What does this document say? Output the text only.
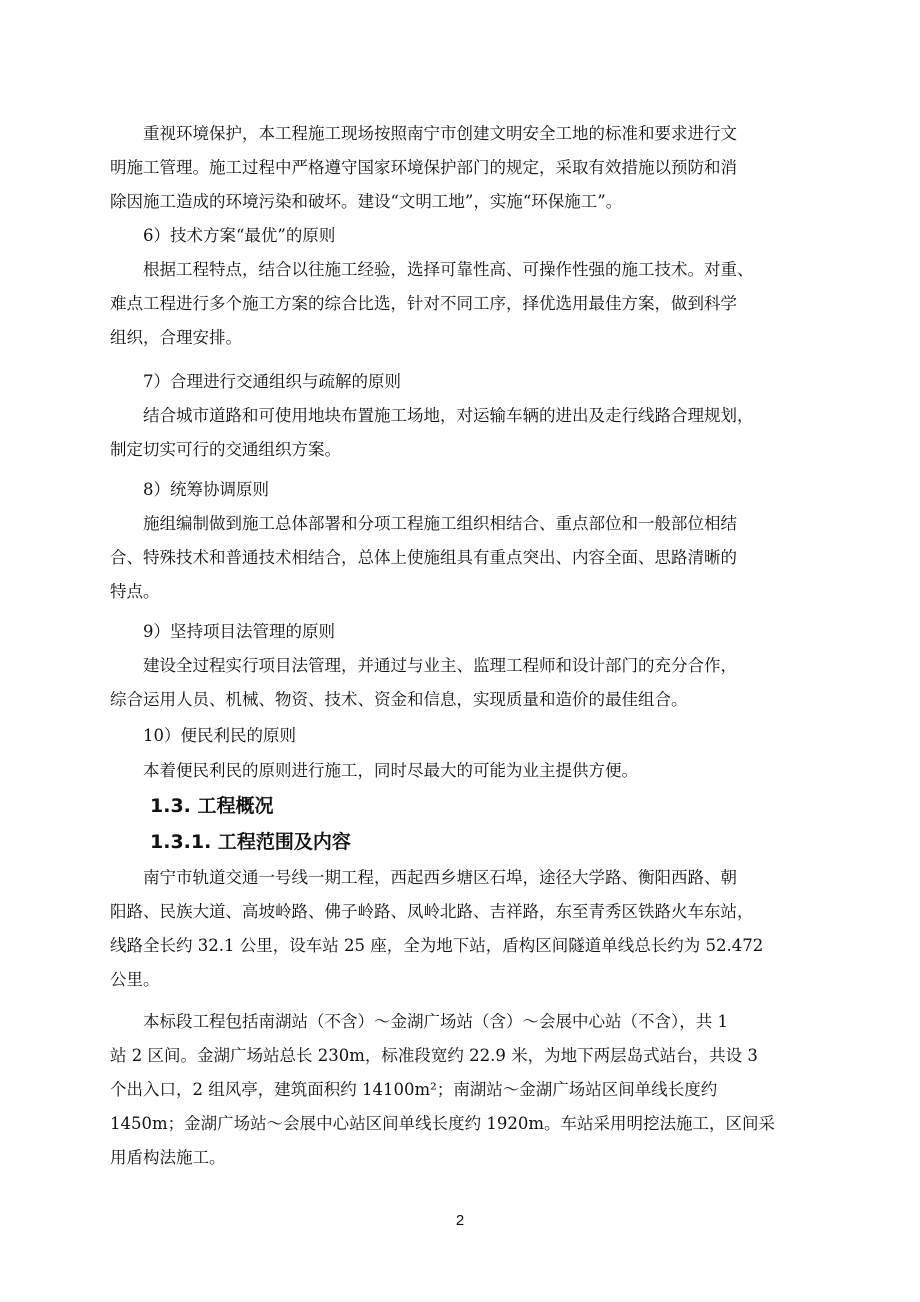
重视环境保护，本工程施工现场按照南宁市创建文明安全工地的标准和要求进行文
明施工管理。施工过程中严格遵守国家环境保护部门的规定，采取有效措施以预防和消
除因施工造成的环境污染和破坏。建设“文明工地”，实施“环保施工”。

6）技术方案“最优”的原则

根据工程特点，结合以往施工经验，选择可靠性高、可操作性强的施工技术。对重、
难点工程进行多个施工方案的综合比选，针对不同工序，择优选用最佳方案，做到科学
组织，合理安排。

7）合理进行交通组织与疏解的原则

结合城市道路和可使用地块布置施工场地，对运输车辆的进出及走行线路合理规划，
制定切实可行的交通组织方案。

8）统筹协调原则

施组编制做到施工总体部署和分项工程施工组织相结合、重点部位和一般部位相结
合、特殊技术和普通技术相结合，总体上使施组具有重点突出、内容全面、思路清晰的
特点。

9）坚持项目法管理的原则

建设全过程实行项目法管理，并通过与业主、监理工程师和设计部门的充分合作，
综合运用人员、机械、物资、技术、资金和信息，实现质量和造价的最佳组合。

10）便民利民的原则

本着便民利民的原则进行施工，同时尽最大的可能为业主提供方便。

1.3. 工程概况
1.3.1. 工程范围及内容

南宁市轨道交通一号线一期工程，西起西乡塘区石埠，途径大学路、衡阳西路、朝
阳路、民族大道、高坡岭路、佛子岭路、凤岭北路、吉祥路，东至青秀区铁路火车东站，
线路全长约 32.1 公里，设车站 25 座，全为地下站，盾构区间隧道单线总长约为 52.472
公里。

本标段工程包括南湖站（不含）～金湖广场站（含）～会展中心站（不含），共 1
站 2 区间。金湖广场站总长 230m，标准段宽约 22.9 米，为地下两层岛式站台，共设 3
个出入口，2 组风亭，建筑面积约 14100m²；南湖站～金湖广场站区间单线长度约
1450m；金湖广场站～会展中心站区间单线长度约 1920m。车站采用明挖法施工，区间采
用盾构法施工。

2
